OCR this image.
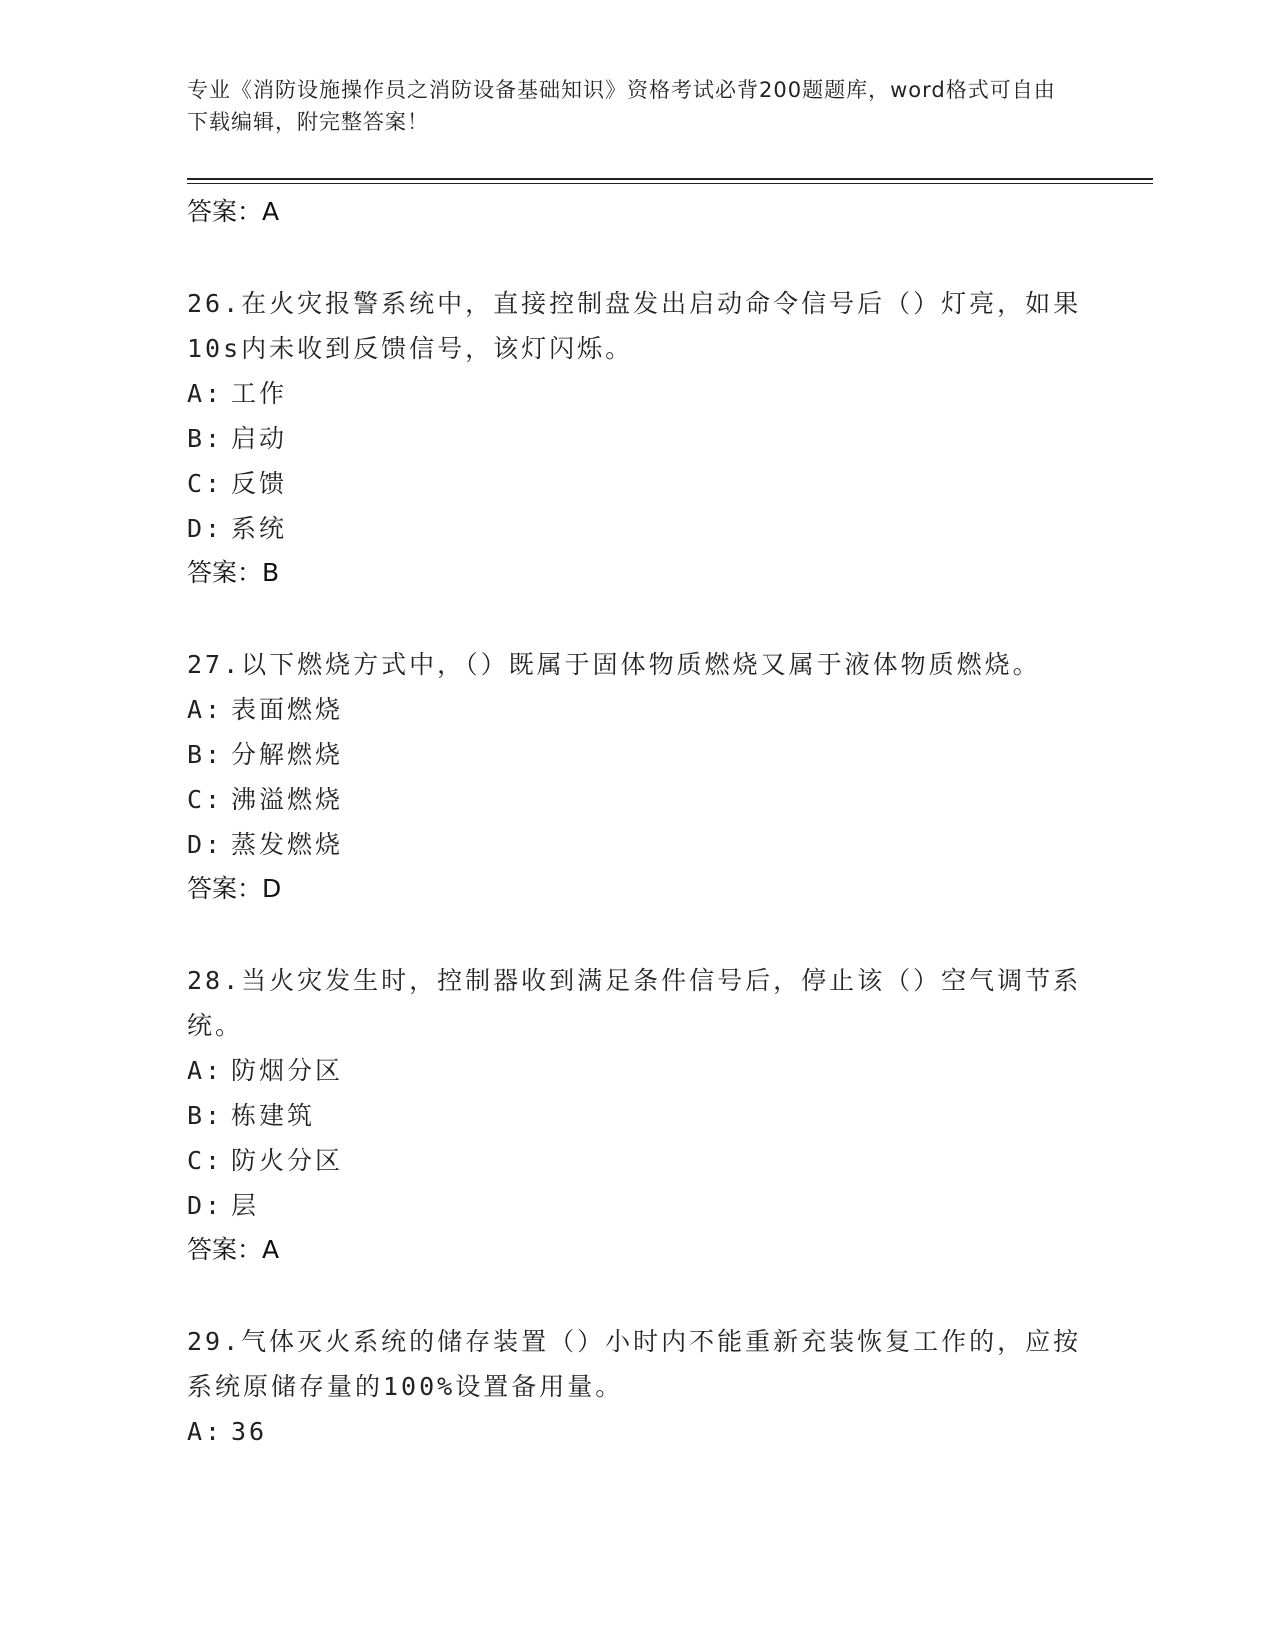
专业《消防设施操作员之消防设备基础知识》资格考试必背200题题库，word格式可自由下载编辑，附完整答案！
答案：A
26.在火灾报警系统中，直接控制盘发出启动命令信号后（）灯亮，如果10s内未收到反馈信号，该灯闪烁。
A: 工作
B: 启动
C: 反馈
D: 系统
答案：B
27.以下燃烧方式中，（）既属于固体物质燃烧又属于液体物质燃烧。
A: 表面燃烧
B: 分解燃烧
C: 沸溢燃烧
D: 蒸发燃烧
答案：D
28.当火灾发生时，控制器收到满足条件信号后，停止该（）空气调节系统。
A: 防烟分区
B: 栋建筑
C: 防火分区
D: 层
答案：A
29.气体灭火系统的储存装置（）小时内不能重新充装恢复工作的，应按系统原储存量的100%设置备用量。
A: 36
